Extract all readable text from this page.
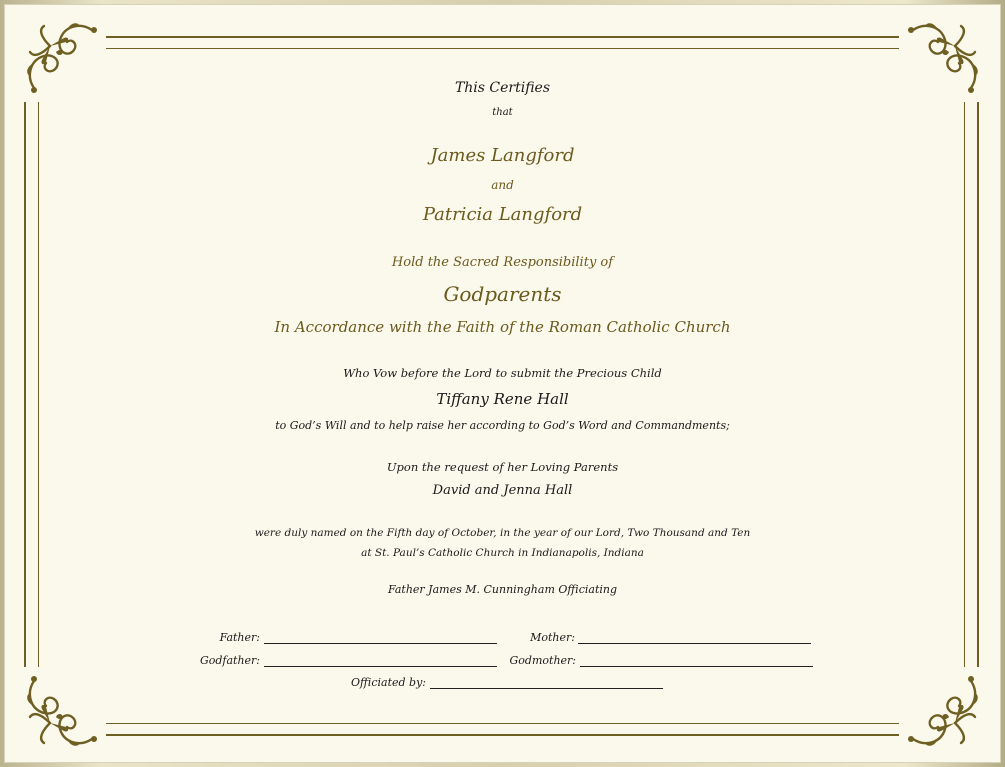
This Certifies
that
James Langford
and
Patricia Langford
Hold the Sacred Responsibility of
Godparents
In Accordance with the Faith of the Roman Catholic Church
Who Vow before the Lord to submit the Precious Child
Tiffany Rene Hall
to God’s Will and to help raise her according to God’s Word and Commandments;
Upon the request of her Loving Parents
David and Jenna Hall
were duly named on the Fifth day of October, in the year of our Lord, Two Thousand and Ten
at St. Paul’s Catholic Church in Indianapolis, Indiana
Father James M. Cunningham Officiating
Father:	Mother:
Godfather:	Godmother:
Officiated by:
